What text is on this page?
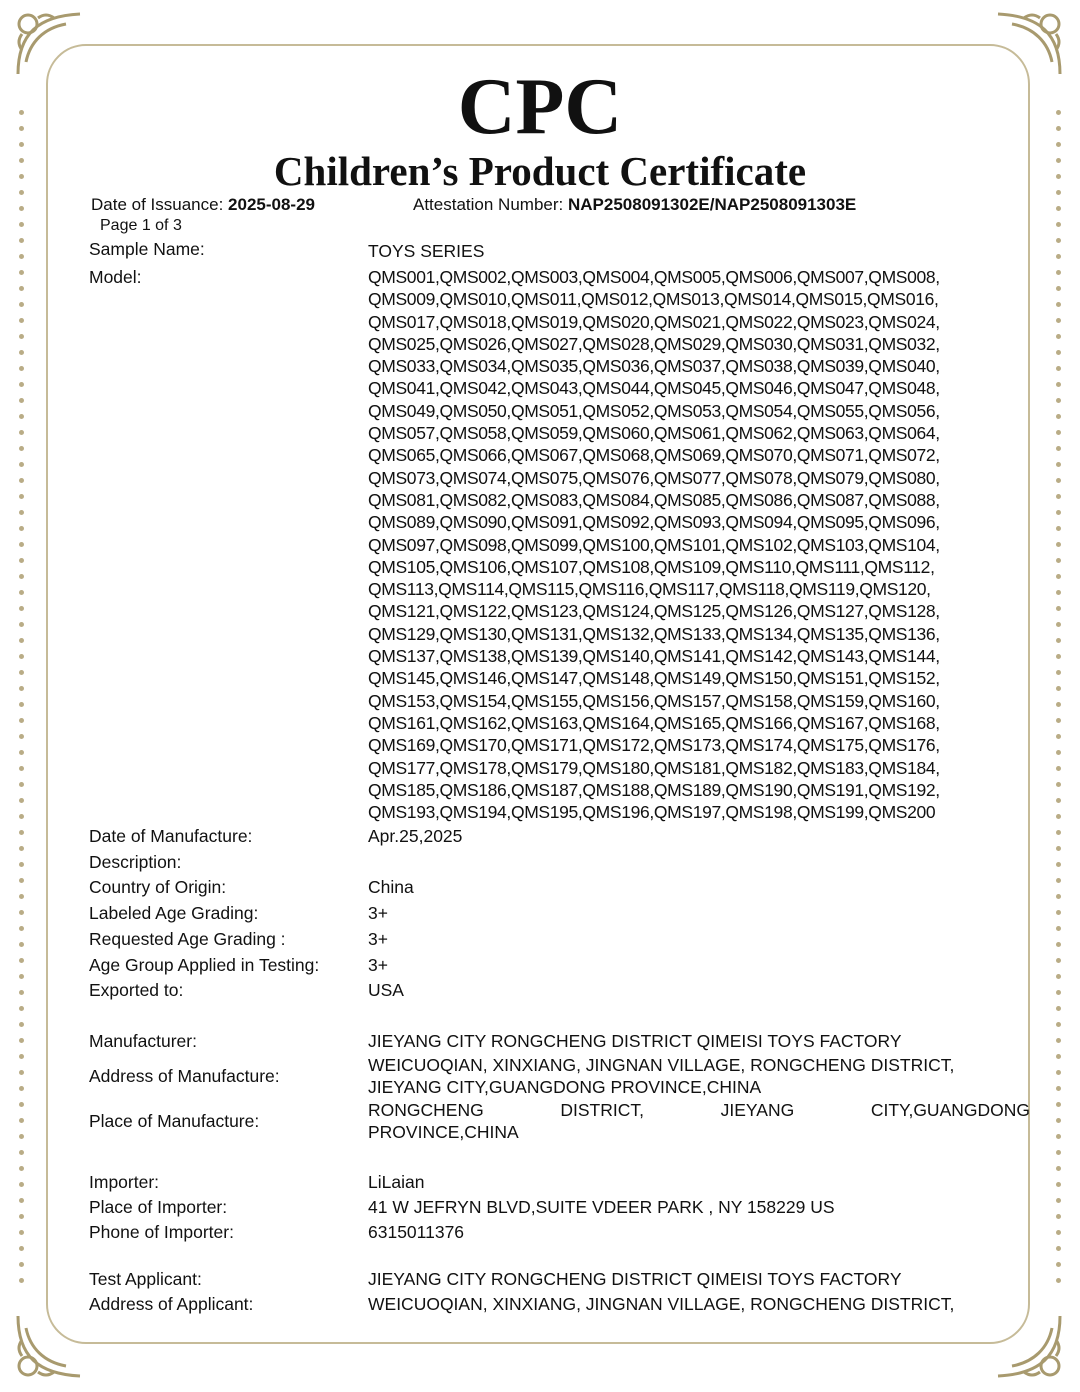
CPC
Children’s Product Certificate
Date of Issuance: 2025-08-29	Attestation Number: NAP2508091302E/NAP2508091303E
Page 1 of 3
Sample Name:	TOYS SERIES
Model:	QMS001,QMS002,QMS003,QMS004,QMS005,QMS006,QMS007,QMS008,
QMS009,QMS010,QMS011,QMS012,QMS013,QMS014,QMS015,QMS016,
QMS017,QMS018,QMS019,QMS020,QMS021,QMS022,QMS023,QMS024,
QMS025,QMS026,QMS027,QMS028,QMS029,QMS030,QMS031,QMS032,
QMS033,QMS034,QMS035,QMS036,QMS037,QMS038,QMS039,QMS040,
QMS041,QMS042,QMS043,QMS044,QMS045,QMS046,QMS047,QMS048,
QMS049,QMS050,QMS051,QMS052,QMS053,QMS054,QMS055,QMS056,
QMS057,QMS058,QMS059,QMS060,QMS061,QMS062,QMS063,QMS064,
QMS065,QMS066,QMS067,QMS068,QMS069,QMS070,QMS071,QMS072,
QMS073,QMS074,QMS075,QMS076,QMS077,QMS078,QMS079,QMS080,
QMS081,QMS082,QMS083,QMS084,QMS085,QMS086,QMS087,QMS088,
QMS089,QMS090,QMS091,QMS092,QMS093,QMS094,QMS095,QMS096,
QMS097,QMS098,QMS099,QMS100,QMS101,QMS102,QMS103,QMS104,
QMS105,QMS106,QMS107,QMS108,QMS109,QMS110,QMS111,QMS112,
QMS113,QMS114,QMS115,QMS116,QMS117,QMS118,QMS119,QMS120,
QMS121,QMS122,QMS123,QMS124,QMS125,QMS126,QMS127,QMS128,
QMS129,QMS130,QMS131,QMS132,QMS133,QMS134,QMS135,QMS136,
QMS137,QMS138,QMS139,QMS140,QMS141,QMS142,QMS143,QMS144,
QMS145,QMS146,QMS147,QMS148,QMS149,QMS150,QMS151,QMS152,
QMS153,QMS154,QMS155,QMS156,QMS157,QMS158,QMS159,QMS160,
QMS161,QMS162,QMS163,QMS164,QMS165,QMS166,QMS167,QMS168,
QMS169,QMS170,QMS171,QMS172,QMS173,QMS174,QMS175,QMS176,
QMS177,QMS178,QMS179,QMS180,QMS181,QMS182,QMS183,QMS184,
QMS185,QMS186,QMS187,QMS188,QMS189,QMS190,QMS191,QMS192,
QMS193,QMS194,QMS195,QMS196,QMS197,QMS198,QMS199,QMS200
Date of Manufacture:	Apr.25,2025
Description:
Country of Origin:	China
Labeled Age Grading:	3+
Requested Age Grading :	3+
Age Group Applied in Testing:	3+
Exported to:	USA
Manufacturer:	JIEYANG CITY RONGCHENG DISTRICT QIMEISI TOYS FACTORY
Address of Manufacture:
WEICUOQIAN, XINXIANG, JINGNAN VILLAGE, RONGCHENG DISTRICT,
JIEYANG CITY,GUANGDONG PROVINCE,CHINA
Place of Manufacture:
RONGCHENG DISTRICT, JIEYANG CITY,GUANGDONG
PROVINCE,CHINA
Importer:	LiLaian
Place of Importer:	41 W JEFRYN BLVD,SUITE VDEER PARK , NY 158229 US
Phone of Importer:	6315011376
Test Applicant:	JIEYANG CITY RONGCHENG DISTRICT QIMEISI TOYS FACTORY
Address of Applicant:	WEICUOQIAN, XINXIANG, JINGNAN VILLAGE, RONGCHENG DISTRICT,
